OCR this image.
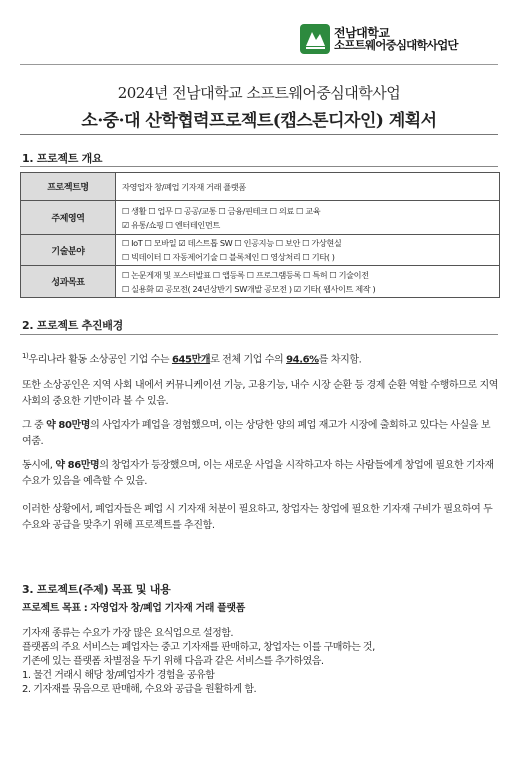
전남대학교
소프트웨어중심대학사업단
2024년 전남대학교 소프트웨어중심대학사업
소·중·대 산학협력프로젝트(캡스톤디자인) 계획서
1. 프로젝트 개요
프로젝트명	자영업자 창/폐업 기자재 거래 플랫폼

주제영역	☐ 생활 ☐ 업무 ☐ 공공/교통 ☐ 금융/핀테크 ☐ 의료 ☐ 교육
☑ 유통/쇼핑 ☐ 엔터테인먼트

기술분야	☐ IoT ☐ 모바일 ☑ 데스트톱 SW ☐ 인공지능 ☐ 보안 ☐ 가상현실
☐ 빅데이터 ☐ 자동제어기술 ☐ 블록체인 ☐ 영상처리 ☐ 기타( )

성과목표	☐ 논문게재 및 포스터발표 ☐ 앱등록 ☐ 프로그램등록 ☐ 특허 ☐ 기술이전
☐ 실용화 ☑ 공모전( 24년상반기 SW개발 공모전 ) ☑ 기타( 웹사이트 제작 )
2. 프로젝트 추진배경
$^{1)}$우리나라 활동 소상공인 기업 수는 645만개로 전체 기업 수의 94.6%를 차지함.
또한 소상공인은 지역 사회 내에서 커뮤니케이션 기능, 고용기능, 내수 시장 순환 등 경제 순환 역할 수행하므로 지역사회의 중요한 기반이라 볼 수 있음.
그 중 약 80만명의 사업자가 폐업을 경험했으며, 이는 상당한 양의 폐업 재고가 시장에 출회하고 있다는 사실을 보여줌.
동시에, 약 86만명의 창업자가 등장했으며, 이는 새로운 사업을 시작하고자 하는 사람들에게 창업에 필요한 기자재 수요가 있음을 예측할 수 있음.
이러한 상황에서, 폐업자들은 폐업 시 기자재 처분이 필요하고, 창업자는 창업에 필요한 기자재 구비가 필요하여 두 수요와 공급을 맞추기 위해 프로젝트를 추진함.
3. 프로젝트(주제) 목표 및 내용
프로젝트 목표 : 자영업자 창/폐업 기자재 거래 플랫폼
기자재 종류는 수요가 가장 많은 요식업으로 설정함.
플랫폼의 주요 서비스는 폐업자는 중고 기자재를 판매하고, 창업자는 이를 구매하는 것,
기존에 있는 플랫폼 차별점을 두기 위해 다음과 같은 서비스를 추가하였음.
1. 물건 거래시 해당 창/폐업자가 경험을 공유함
2. 기자재를 묶음으로 판매해, 수요와 공급을 원활하게 함.
